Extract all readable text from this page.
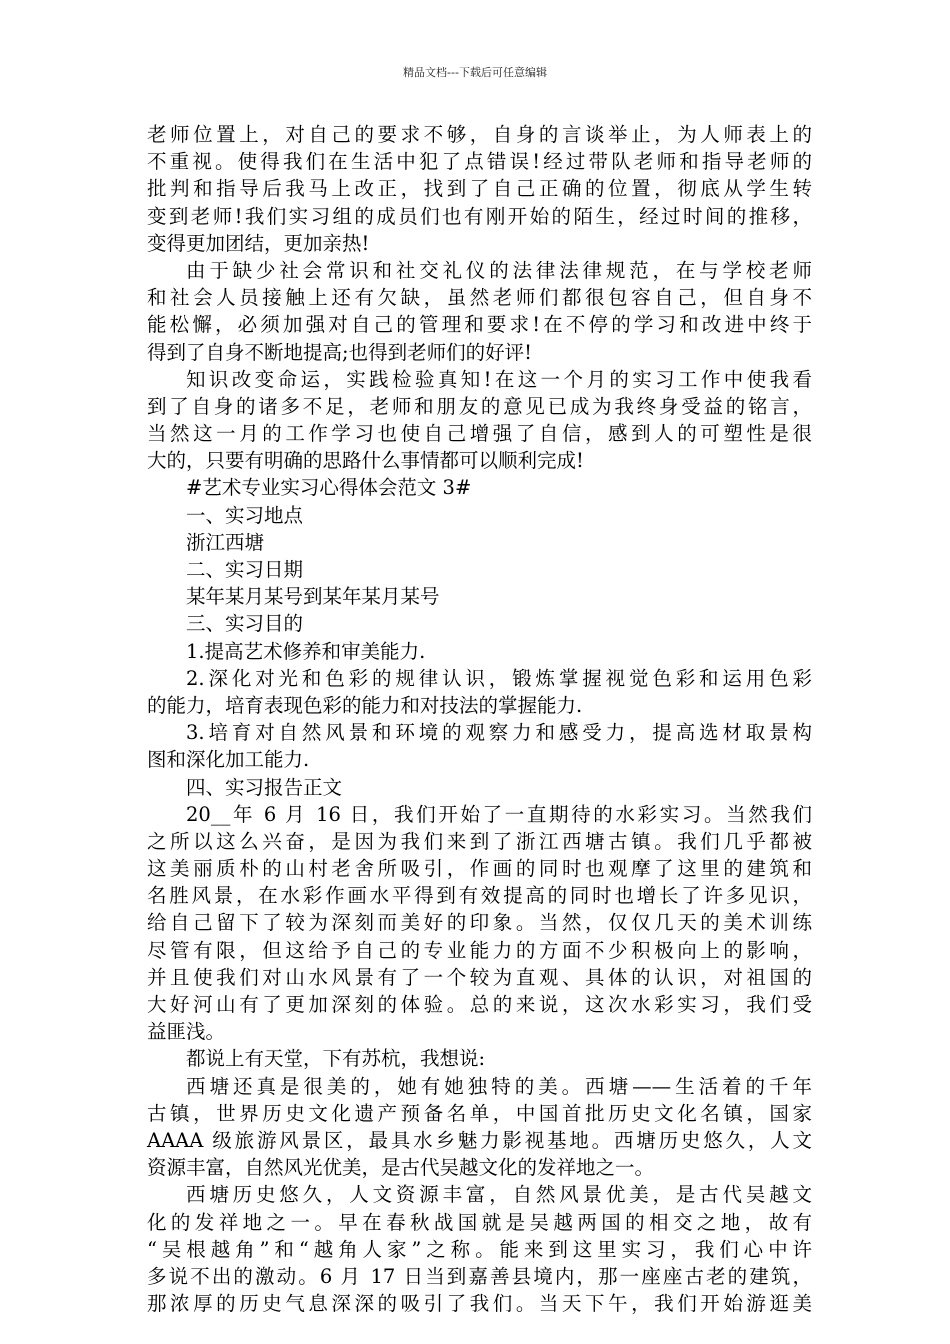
精品文档---下载后可任意编辑
老师位置上，对自己的要求不够，自身的言谈举止，为人师表上的
不重视。使得我们在生活中犯了点错误!经过带队老师和指导老师的
批判和指导后我马上改正，找到了自己正确的位置，彻底从学生转
变到老师!我们实习组的成员们也有刚开始的陌生，经过时间的推移，
变得更加团结，更加亲热!
由于缺少社会常识和社交礼仪的法律法律规范，在与学校老师
和社会人员接触上还有欠缺，虽然老师们都很包容自己，但自身不
能松懈，必须加强对自己的管理和要求!在不停的学习和改进中终于
得到了自身不断地提高;也得到老师们的好评!
知识改变命运，实践检验真知!在这一个月的实习工作中使我看
到了自身的诸多不足，老师和朋友的意见已成为我终身受益的铭言，
当然这一月的工作学习也使自己增强了自信，感到人的可塑性是很
大的，只要有明确的思路什么事情都可以顺利完成!
#艺术专业实习心得体会范文 3#
一、实习地点
浙江西塘
二、实习日期
某年某月某号到某年某月某号
三、实习目的
1.提高艺术修养和审美能力.
2.深化对光和色彩的规律认识，锻炼掌握视觉色彩和运用色彩
的能力，培育表现色彩的能力和对技法的掌握能力.
3.培育对自然风景和环境的观察力和感受力，提高选材取景构
图和深化加工能力.
四、实习报告正文
20__年 6 月 16 日，我们开始了一直期待的水彩实习。当然我们
之所以这么兴奋，是因为我们来到了浙江西塘古镇。我们几乎都被
这美丽质朴的山村老舍所吸引，作画的同时也观摩了这里的建筑和
名胜风景，在水彩作画水平得到有效提高的同时也增长了许多见识，
给自己留下了较为深刻而美好的印象。当然，仅仅几天的美术训练
尽管有限，但这给予自己的专业能力的方面不少积极向上的影响，
并且使我们对山水风景有了一个较为直观、具体的认识，对祖国的
大好河山有了更加深刻的体验。总的来说，这次水彩实习，我们受
益匪浅。
都说上有天堂，下有苏杭，我想说:
西塘还真是很美的，她有她独特的美。西塘——生活着的千年
古镇，世界历史文化遗产预备名单，中国首批历史文化名镇，国家
AAAA 级旅游风景区，最具水乡魅力影视基地。西塘历史悠久，人文
资源丰富，自然风光优美，是古代吴越文化的发祥地之一。
西塘历史悠久，人文资源丰富，自然风景优美，是古代吴越文
化的发祥地之一。早在春秋战国就是吴越两国的相交之地，故有
“吴根越角”和“越角人家”之称。能来到这里实习，我们心中许
多说不出的激动。6 月 17 日当到嘉善县境内，那一座座古老的建筑，
那浓厚的历史气息深深的吸引了我们。当天下午，我们开始游逛美
